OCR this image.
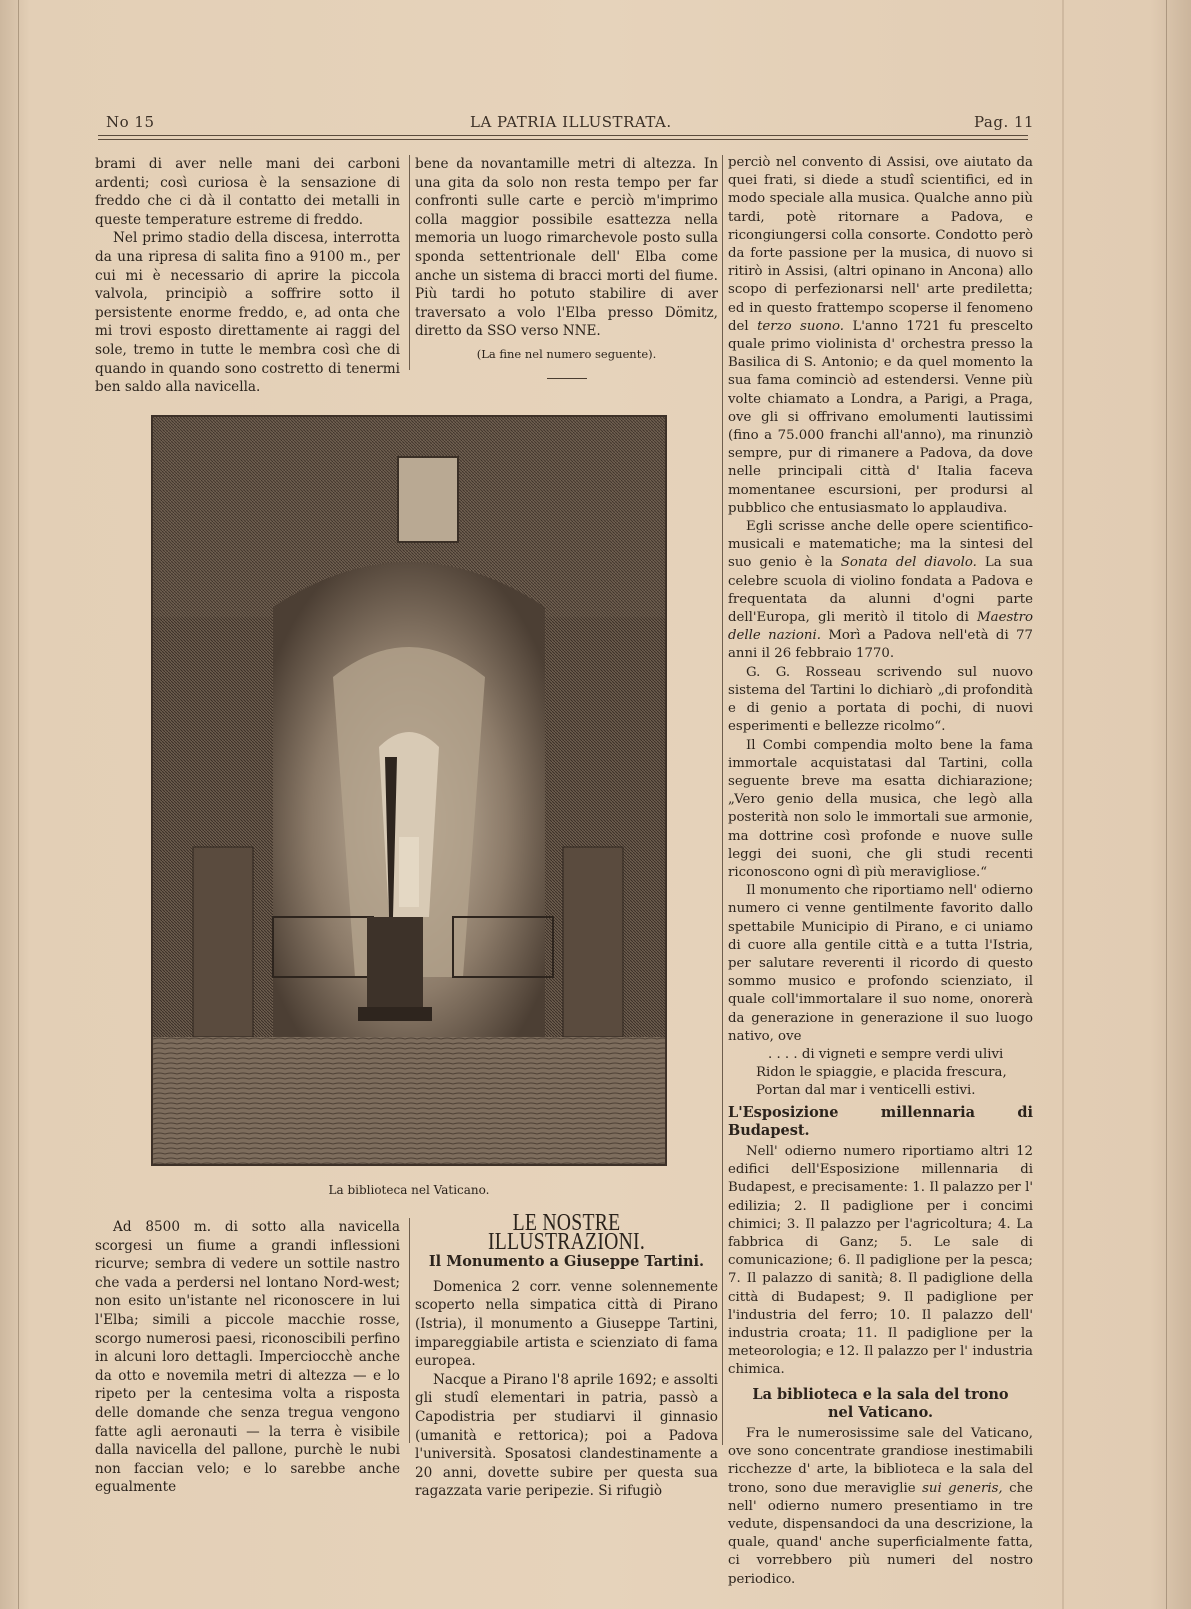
No 15	LA PATRIA ILLUSTRATA.	Pag. 11

brami di aver nelle mani dei carboni ardenti; così curiosa è la sensazione di freddo che ci dà il contatto dei metalli in queste temperature estreme di freddo.

Nel primo stadio della discesa, interrotta da una ripresa di salita fino a 9100 m., per cui mi è necessario di aprire la piccola valvola, principiò a soffrire sotto il persistente enorme freddo, e, ad onta che mi trovi esposto direttamente ai raggi del sole, tremo in tutte le membra così che di quando in quando sono costretto di tenermi ben saldo alla navicella.

bene da novantamille metri di altezza. In una gita da solo non resta tempo per far confronti sulle carte e perciò m'imprimo colla maggior possibile esattezza nella memoria un luogo rimarchevole posto sulla sponda settentrionale dell' Elba come anche un sistema di bracci morti del fiume. Più tardi ho potuto stabilire di aver traversato a volo l'Elba presso Dömitz, diretto da SSO verso NNE.

(La fine nel numero seguente).
La biblioteca nel Vaticano.

Ad 8500 m. di sotto alla navicella scorgesi un fiume a grandi inflessioni ricurve; sembra di vedere un sottile nastro che vada a perdersi nel lontano Nord-west; non esito un'istante nel riconoscere in lui l'Elba; simili a piccole macchie rosse, scorgo numerosi paesi, riconoscibili perfino in alcuni loro dettagli. Imperciocchè anche da otto e novemila metri di altezza — e lo ripeto per la centesima volta a risposta delle domande che senza tregua vengono fatte agli aeronauti — la terra è visibile dalla navicella del pallone, purchè le nubi non faccian velo; e lo sarebbe anche egualmente

LE NOSTRE ILLUSTRAZIONI.
Il Monumento a Giuseppe Tartini.

Domenica 2 corr. venne solennemente scoperto nella simpatica città di Pirano (Istria), il monumento a Giuseppe Tartini, impareggiabile artista e scienziato di fama europea.

Nacque a Pirano l'8 aprile 1692; e assolti gli studî elementari in patria, passò a Capodistria per studiarvi il ginnasio (umanità e rettorica); poi a Padova l'università. Sposatosi clandestinamente a 20 anni, dovette subire per questa sua ragazzata varie peripezie. Si rifugiò

perciò nel convento di Assisi, ove aiutato da quei frati, si diede a studî scientifici, ed in modo speciale alla musica. Qualche anno più tardi, potè ritornare a Padova, e ricongiungersi colla consorte. Condotto però da forte passione per la musica, di nuovo si ritirò in Assisi, (altri opinano in Ancona) allo scopo di perfezionarsi nell' arte prediletta; ed in questo frattempo scoperse il fenomeno del terzo suono. L'anno 1721 fu prescelto quale primo violinista d' orchestra presso la Basilica di S. Antonio; e da quel momento la sua fama cominciò ad estendersi. Venne più volte chiamato a Londra, a Parigi, a Praga, ove gli si offrivano emolumenti lautissimi (fino a 75.000 franchi all'anno), ma rinunziò sempre, pur di rimanere a Padova, da dove nelle principali città d' Italia faceva momentanee escursioni, per prodursi al pubblico che entusiasmato lo applaudiva.

Egli scrisse anche delle opere scientifico-musicali e matematiche; ma la sintesi del suo genio è la Sonata del diavolo. La sua celebre scuola di violino fondata a Padova e frequentata da alunni d'ogni parte dell'Europa, gli meritò il titolo di Maestro delle nazioni. Morì a Padova nell'età di 77 anni il 26 febbraio 1770.

G. G. Rosseau scrivendo sul nuovo sistema del Tartini lo dichiarò „di profondità e di genio a portata di pochi, di nuovi esperimenti e bellezze ricolmo“.

Il Combi compendia molto bene la fama immortale acquistatasi dal Tartini, colla seguente breve ma esatta dichiarazione; „Vero genio della musica, che legò alla posterità non solo le immortali sue armonie, ma dottrine così profonde e nuove sulle leggi dei suoni, che gli studi recenti riconoscono ogni dì più meravigliose.“

Il monumento che riportiamo nell' odierno numero ci venne gentilmente favorito dallo spettabile Municipio di Pirano, e ci uniamo di cuore alla gentile città e a tutta l'Istria, per salutare reverenti il ricordo di questo sommo musico e profondo scienziato, il quale coll'immortalare il suo nome, onorerà da generazione in generazione il suo luogo nativo, ove

. . . . di vigneti e sempre verdi ulivi

Ridon le spiaggie, e placida frescura,

Portan dal mar i venticelli estivi.

L'Esposizione millennaria di Budapest.

Nell' odierno numero riportiamo altri 12 edifici dell'Esposizione millennaria di Budapest, e precisamente: 1. Il palazzo per l' edilizia; 2. Il padiglione per i concimi chimici; 3. Il palazzo per l'agricoltura; 4. La fabbrica di Ganz; 5. Le sale di comunicazione; 6. Il padiglione per la pesca; 7. Il palazzo di sanità; 8. Il padiglione della città di Budapest; 9. Il padiglione per l'industria del ferro; 10. Il palazzo dell' industria croata; 11. Il padiglione per la meteorologia; e 12. Il palazzo per l' industria chimica.

La biblioteca e la sala del trono
nel Vaticano.

Fra le numerosissime sale del Vaticano, ove sono concentrate grandiose inestimabili ricchezze d' arte, la biblioteca e la sala del trono, sono due meraviglie sui generis, che nell' odierno numero presentiamo in tre vedute, dispensandoci da una descrizione, la quale, quand' anche superficialmente fatta, ci vorrebbero più numeri del nostro periodico.
